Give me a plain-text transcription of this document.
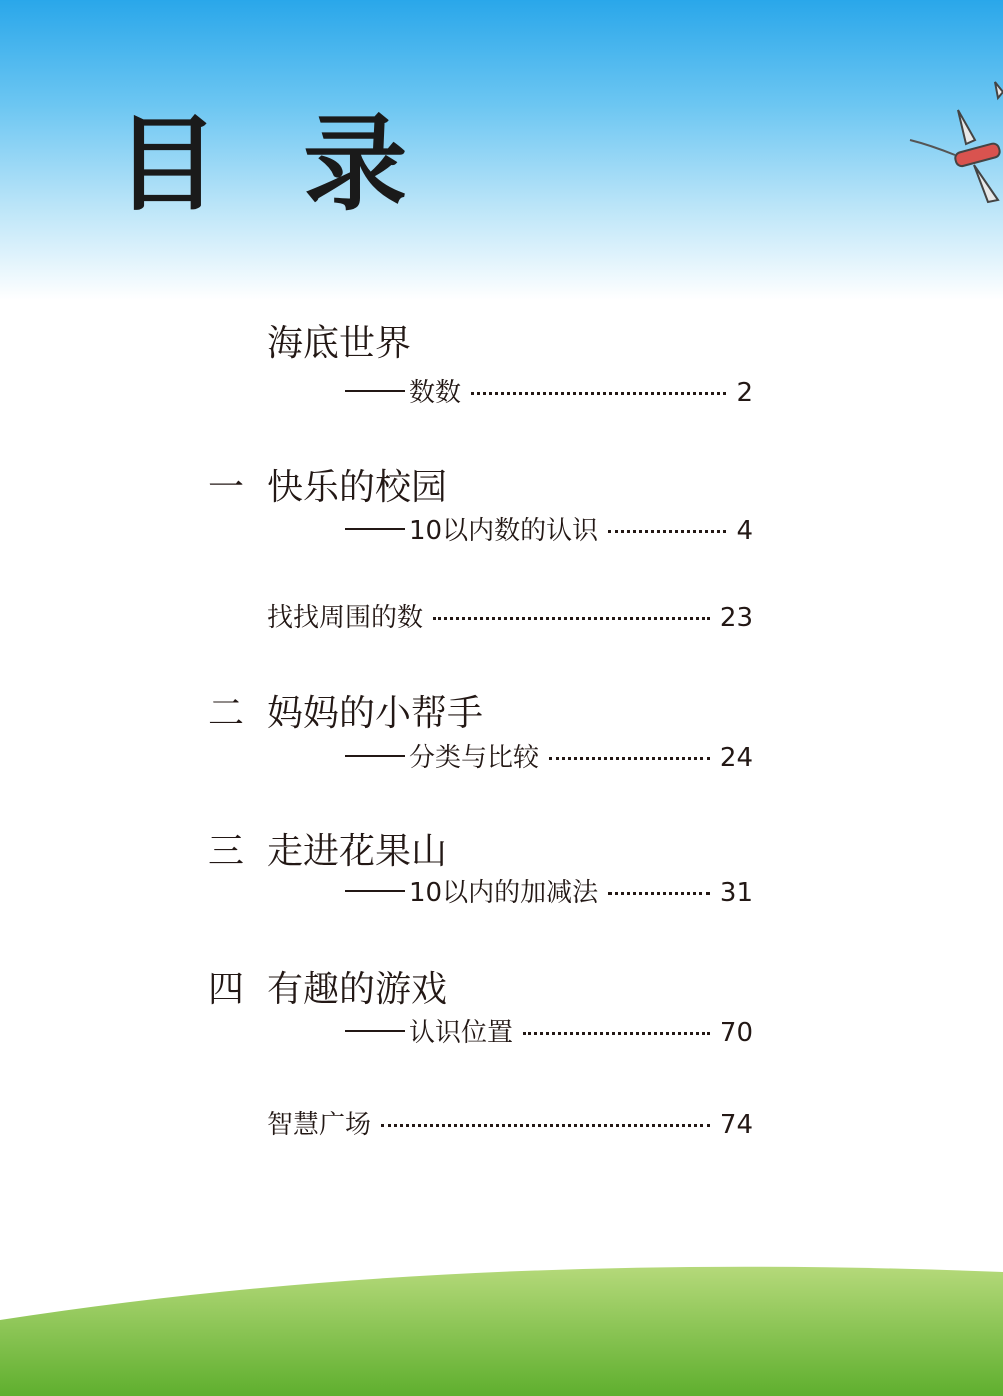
目 录
海底世界
数数	2
一 快乐的校园
10以内数的认识	4
找找周围的数	23
二 妈妈的小帮手
分类与比较	24
三 走进花果山
10以内的加减法	31
四 有趣的游戏
认识位置	70
智慧广场	74
